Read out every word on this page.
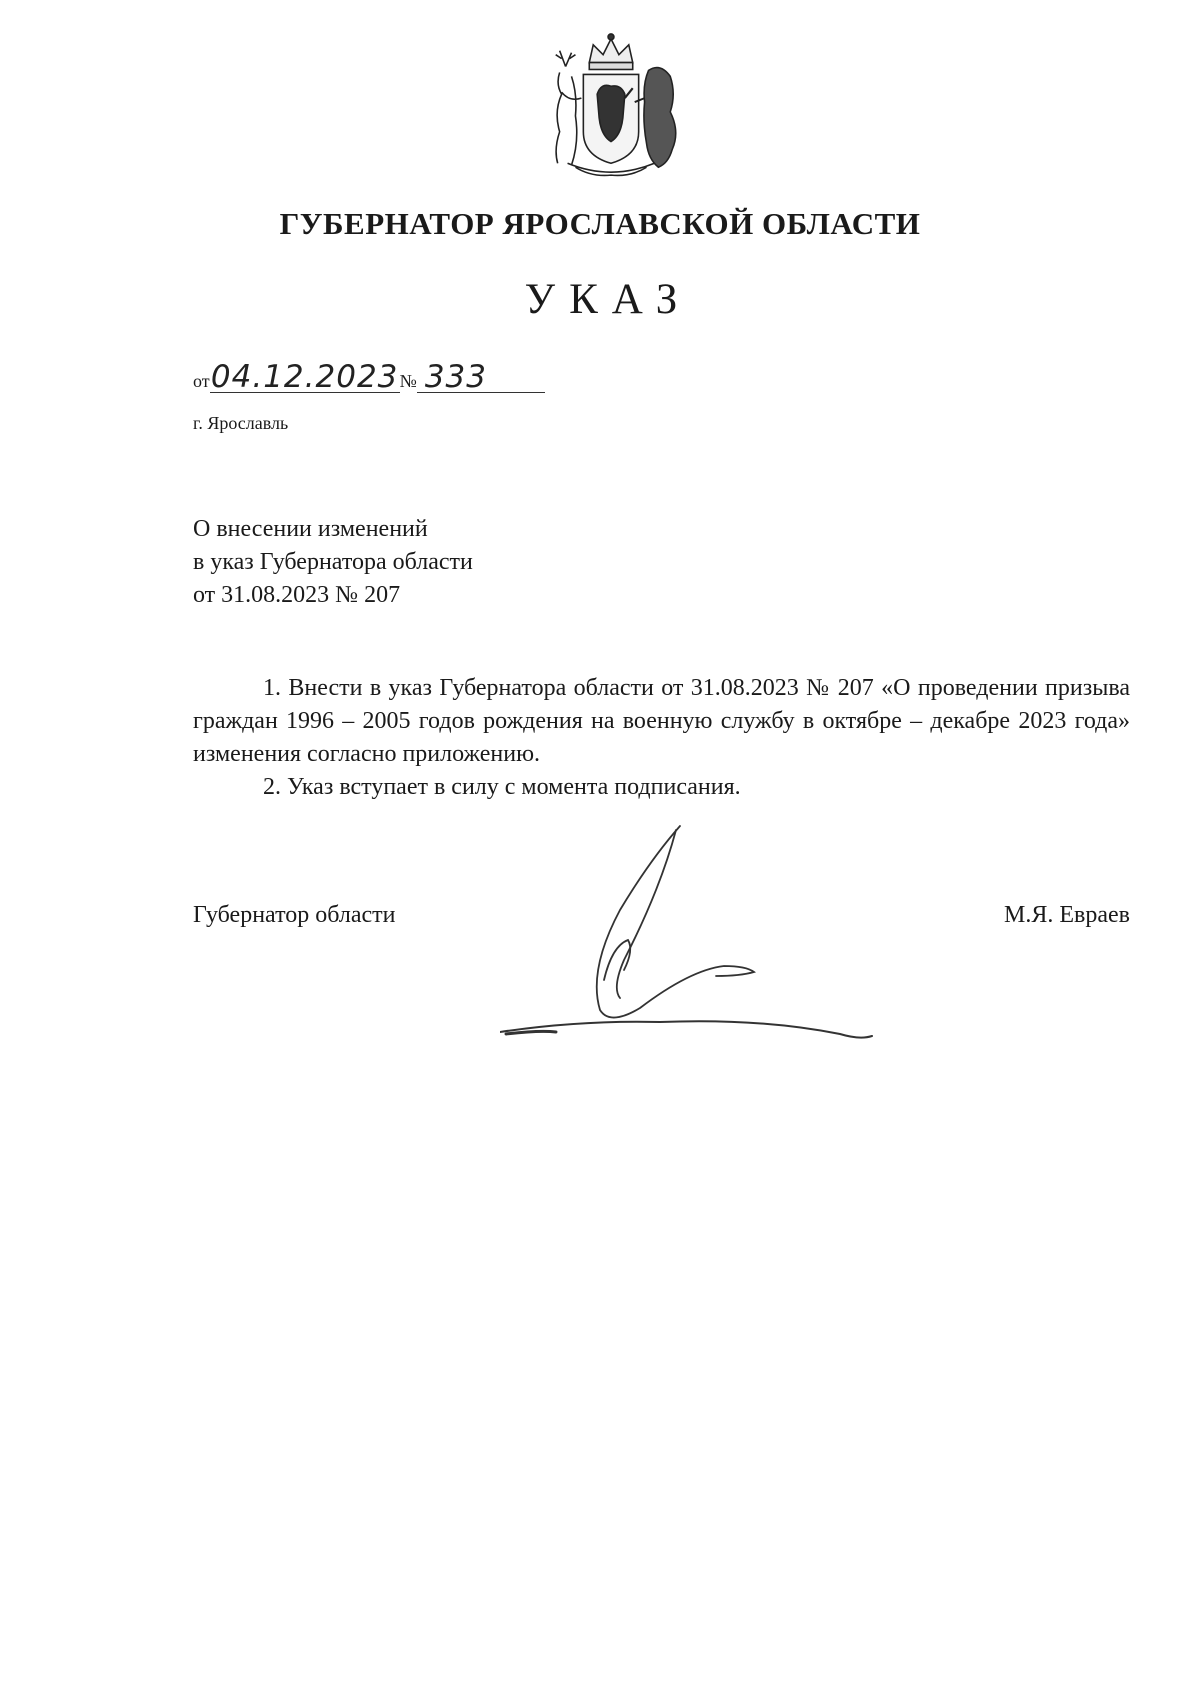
ГУБЕРНАТОР ЯРОСЛАВСКОЙ ОБЛАСТИ
УКАЗ
от04.12.2023№ 333
г. Ярославль
О внесении изменений
в указ Губернатора области
от 31.08.2023 № 207

1. Внести в указ Губернатора области от 31.08.2023 № 207 «О проведении призыва граждан 1996 – 2005 годов рождения на военную службу в октябре – декабре 2023 года» изменения согласно приложению.

2. Указ вступает в силу с момента подписания.

Губернатор области	М.Я. Евраев
